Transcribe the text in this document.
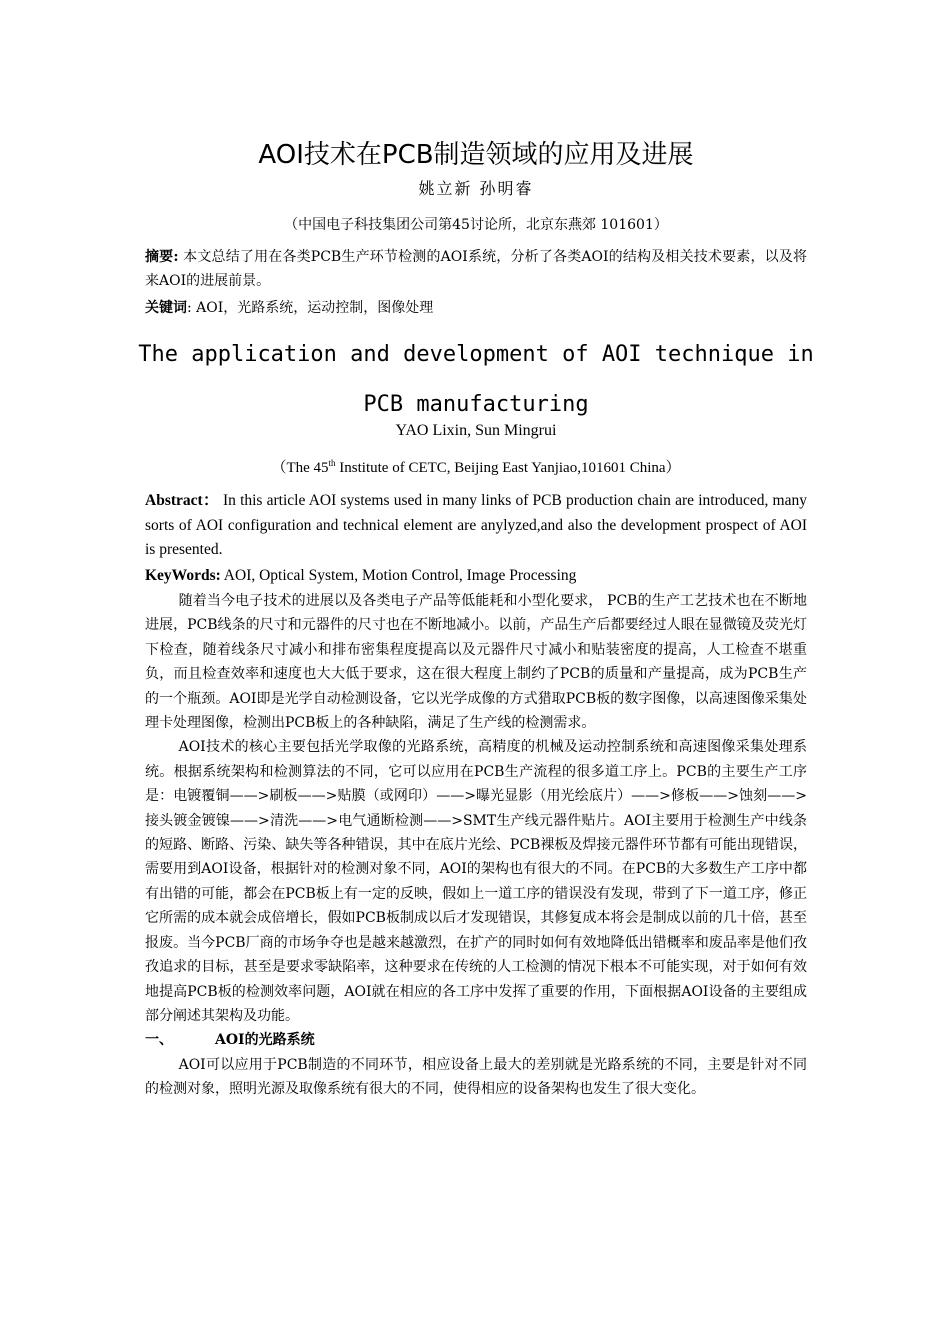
AOI技术在PCB制造领域的应用及进展
姚立新 孙明睿
（中国电子科技集团公司第45讨论所，北京东燕郊 101601）
摘要: 本文总结了用在各类PCB生产环节检测的AOI系统，分析了各类AOI的结构及相关技术要素，以及将来AOI的进展前景。
关键词: AOI，光路系统，运动控制，图像处理
The application and development of AOI technique in PCB manufacturing
YAO Lixin, Sun Mingrui
（The 45th Institute of CETC, Beijing East Yanjiao,101601 China）
Abstract： In this article AOI systems used in many links of PCB production chain are introduced, many sorts of AOI configuration and technical element are anylyzed,and also the development prospect of AOI is presented.
KeyWords: AOI, Optical System, Motion Control, Image Processing

随着当今电子技术的进展以及各类电子产品等低能耗和小型化要求， PCB的生产工艺技术也在不断地进展，PCB线条的尺寸和元器件的尺寸也在不断地减小。以前，产品生产后都要经过人眼在显微镜及荧光灯下检查，随着线条尺寸减小和排布密集程度提高以及元器件尺寸减小和贴装密度的提高，人工检查不堪重负，而且检查效率和速度也大大低于要求，这在很大程度上制约了PCB的质量和产量提高，成为PCB生产的一个瓶颈。AOI即是光学自动检测设备，它以光学成像的方式猎取PCB板的数字图像，以高速图像采集处理卡处理图像，检测出PCB板上的各种缺陷，满足了生产线的检测需求。

AOI技术的核心主要包括光学取像的光路系统，高精度的机械及运动控制系统和高速图像采集处理系统。根据系统架构和检测算法的不同，它可以应用在PCB生产流程的很多道工序上。PCB的主要生产工序是：电镀覆铜——>刷板——>贴膜（或网印）——>曝光显影（用光绘底片）——>修板——>蚀刻——>接头镀金镀镍——>清洗——>电气通断检测——>SMT生产线元器件贴片。AOI主要用于检测生产中线条的短路、断路、污染、缺失等各种错误，其中在底片光绘、PCB裸板及焊接元器件环节都有可能出现错误，需要用到AOI设备，根据针对的检测对象不同，AOI的架构也有很大的不同。在PCB的大多数生产工序中都有出错的可能，都会在PCB板上有一定的反映，假如上一道工序的错误没有发现，带到了下一道工序，修正它所需的成本就会成倍增长，假如PCB板制成以后才发现错误，其修复成本将会是制成以前的几十倍，甚至报废。当今PCB厂商的市场争夺也是越来越激烈，在扩产的同时如何有效地降低出错概率和废品率是他们孜孜追求的目标，甚至是要求零缺陷率，这种要求在传统的人工检测的情况下根本不可能实现，对于如何有效地提高PCB板的检测效率问题，AOI就在相应的各工序中发挥了重要的作用，下面根据AOI设备的主要组成部分阐述其架构及功能。

一、	AOI的光路系统

AOI可以应用于PCB制造的不同环节，相应设备上最大的差别就是光路系统的不同，主要是针对不同的检测对象，照明光源及取像系统有很大的不同，使得相应的设备架构也发生了很大变化。
